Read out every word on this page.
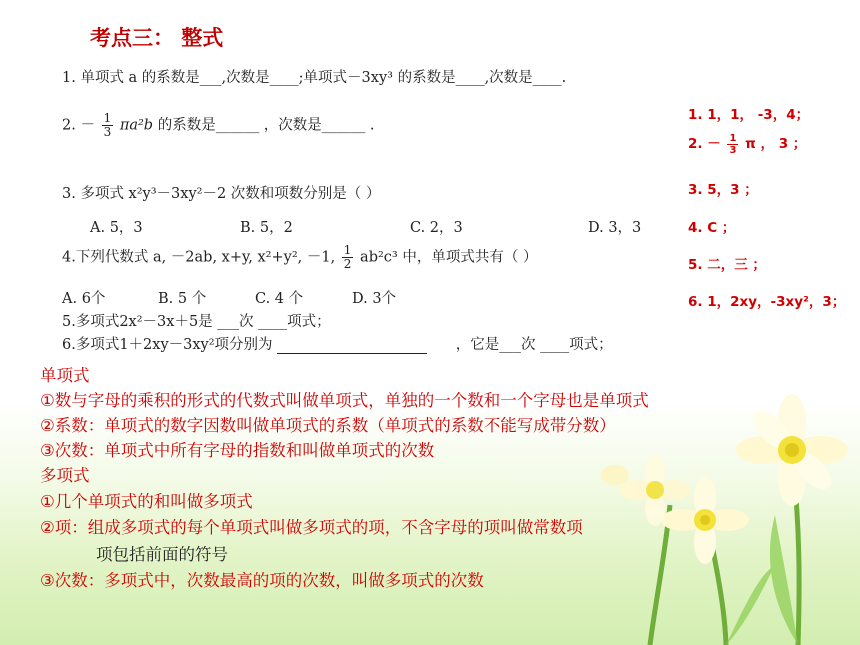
考点三： 整式
1. 单项式 a 的系数是___,次数是____;单项式－3xy³ 的系数是____,次数是____.
2. － $\frac{1}{3} \pi a^2b$ 的系数是______ ，次数是______ .
3. 多项式 x²y³－3xy²－2 次数和项数分别是（ ）
A. 5，3	B. 5，2	C. 2，3	D. 3，3
4.下列代数式 a, －2ab, x+y, x²+y², －1, $\frac{1}{2} ab^2c^3$ 中，单项式共有（ ）
A. 6个	B. 5 个	C. 4 个	D. 3个
5.多项式2x²－3x＋5是 ___次 ____项式；
6.多项式1＋2xy－3xy²项分别为	，它是___次 ____项式；
1. 1，1， -3，4；
2. － $\frac{1}{3}$ π ， 3 ；
3. 5，3 ；
4. C ；
5. 二，三 ；
6. 1，2xy，-3xy²，3；
单项式
①数与字母的乘积的形式的代数式叫做单项式，单独的一个数和一个字母也是单项式
②系数：单项式的数字因数叫做单项式的系数（单项式的系数不能写成带分数）
③次数：单项式中所有字母的指数和叫做单项式的次数
多项式
①几个单项式的和叫做多项式
②项：组成多项式的每个单项式叫做多项式的项，不含字母的项叫做常数项
项包括前面的符号
③次数：多项式中，次数最高的项的次数，叫做多项式的次数
